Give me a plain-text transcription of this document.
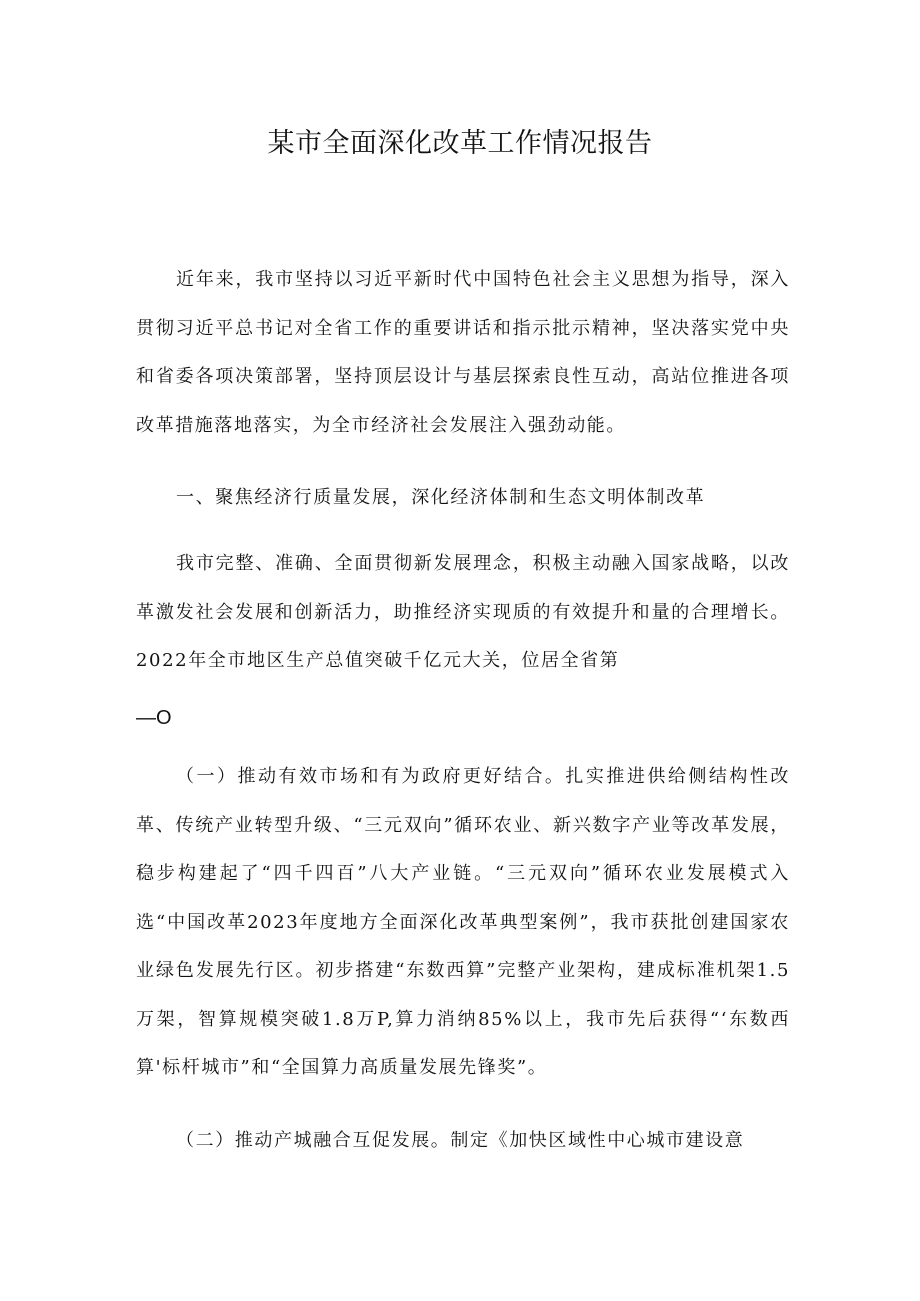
某市全面深化改革工作情况报告
近年来，我市坚持以习近平新时代中国特色社会主义思想为指导，深入贯彻习近平总书记对全省工作的重要讲话和指示批示精神，坚决落实党中央和省委各项决策部署，坚持顶层设计与基层探索良性互动，高站位推进各项改革措施落地落实，为全市经济社会发展注入强劲动能。
一、聚焦经济行质量发展，深化经济体制和生态文明体制改革
我市完整、准确、全面贯彻新发展理念，积极主动融入国家战略，以改革激发社会发展和创新活力，助推经济实现质的有效提升和量的合理增长。2022年全市地区生产总值突破千亿元大关，位居全省第
—O
（一）推动有效市场和有为政府更好结合。扎实推进供给侧结构性改革、传统产业转型升级、“三元双向”循环农业、新兴数字产业等改革发展，稳步构建起了“四千四百”八大产业链。“三元双向”循环农业发展模式入选“中国改革2023年度地方全面深化改革典型案例”，我市获批创建国家农业绿色发展先行区。初步搭建“东数西算”完整产业架构，建成标准机架1.5万架，智算规模突破1.8万P,算力消纳85%以上，我市先后获得“‘东数西算'标杆城市”和“全国算力高质量发展先锋奖”。
（二）推动产城融合互促发展。制定《加快区域性中心城市建设意
